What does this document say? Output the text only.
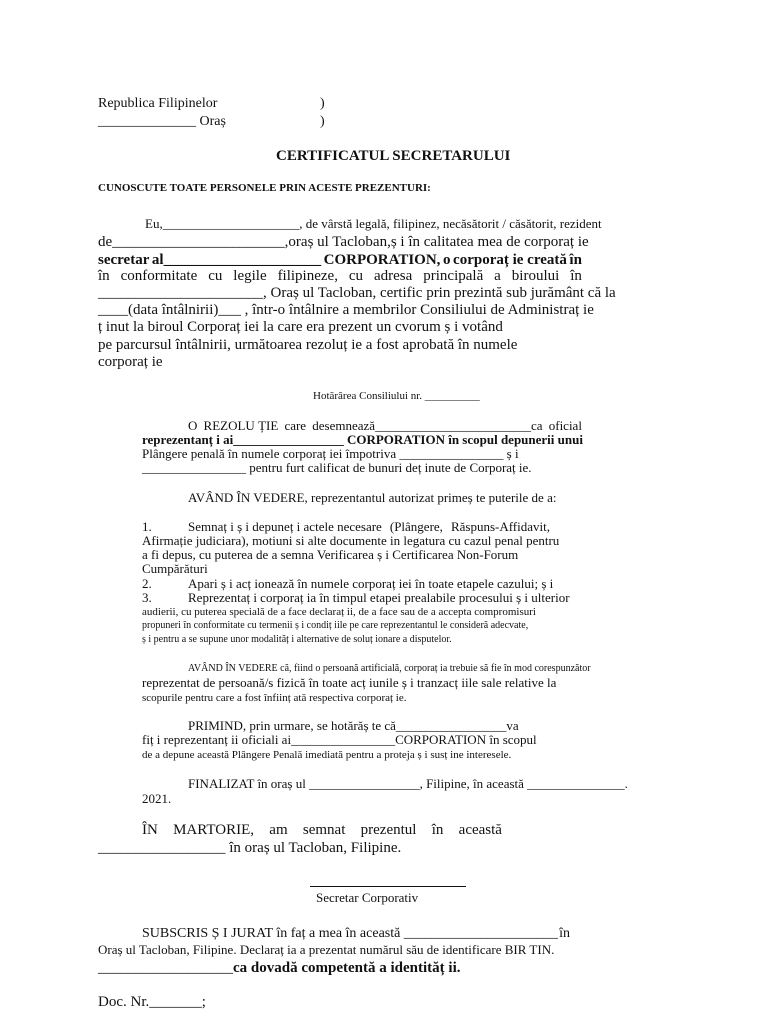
Republica Filipinelor	)
______________ Oraș	)
CERTIFICATUL SECRETARULUI
CUNOSCUTE TOATE PERSONELE PRIN ACESTE PREZENTURI:
Eu,_____________________, de vârstă legală, filipinez, necăsătorit / căsătorit, rezident
de _______________________, oraș ul Tacloban, ș i în calitatea mea de corporaț ie
secretar al_____________________ CORPORATION, o corporaț ie creată în
în conformitate cu legile filipineze, cu adresa principală a biroului în
______________________, Oraș ul Tacloban, certific prin prezintă sub jurământ că la
____(data întâlnirii)___ , într-o întâlnire a membrilor Consiliului de Administraț ie
ț inut la biroul Corporaț iei la care era prezent un cvorum ș i votând
pe parcursul întâlnirii, următoarea rezoluț ie a fost aprobată în numele
corporaț ie
Hotărârea Consiliului nr. __________
O REZOLU ȚIE care desemnează________________________ca oficial
reprezentanț i ai_________________ CORPORATION în scopul depunerii unui
Plângere penală în numele corporaț iei împotriva ________________ ș i
________________ pentru furt calificat de bunuri deț inute de Corporaț ie.
AVÂND ÎN VEDERE, reprezentantul autorizat primeș te puterile de a:
1.	Semnaț i ș i depuneț i actele necesare (Plângere, Răspuns-Affidavit,
Afirmație judiciara), motiuni si alte documente in legatura cu cazul penal pentru
a fi depus, cu puterea de a semna Verificarea ș i Certificarea Non-Forum
Cumpărături
2.	Apari ș i acț ionează în numele corporaț iei în toate etapele cazului; ș i
3.	Reprezentaț i corporaț ia în timpul etapei prealabile procesului ș i ulterior
audierii, cu puterea specială de a face declaraț ii, de a face sau de a accepta compromisuri
propuneri în conformitate cu termenii ș i condiț iile pe care reprezentantul le consideră adecvate,
ș i pentru a se supune unor modalităț i alternative de soluț ionare a disputelor.
AVÂND ÎN VEDERE că, fiind o persoană artificială, corporaț ia trebuie să fie în mod corespunzător
reprezentat de persoană/s fizică în toate acț iunile ș i tranzacț iile sale relative la
scopurile pentru care a fost înființ ată respectiva corporaț ie.
PRIMIND, prin urmare, se hotărăș te că_________________va
fiț i reprezentanț ii oficiali ai________________CORPORATION în scopul
de a depune această Plângere Penală imediată pentru a proteja ș i susț ine interesele.
FINALIZAT în oraș ul _________________, Filipine, în această _______________.
2021.
ÎN MARTORIE, am semnat prezentul în această
_________________ în oraș ul Tacloban, Filipine.
Secretar Corporativ
SUBSCRIS Ș I JURAT în faț a mea în această ______________________ în
Oraș ul Tacloban, Filipine. Declaraț ia a prezentat numărul său de identificare BIR TIN.
__________________ca dovadă competentă a identităț ii.
Doc. Nr._______;
